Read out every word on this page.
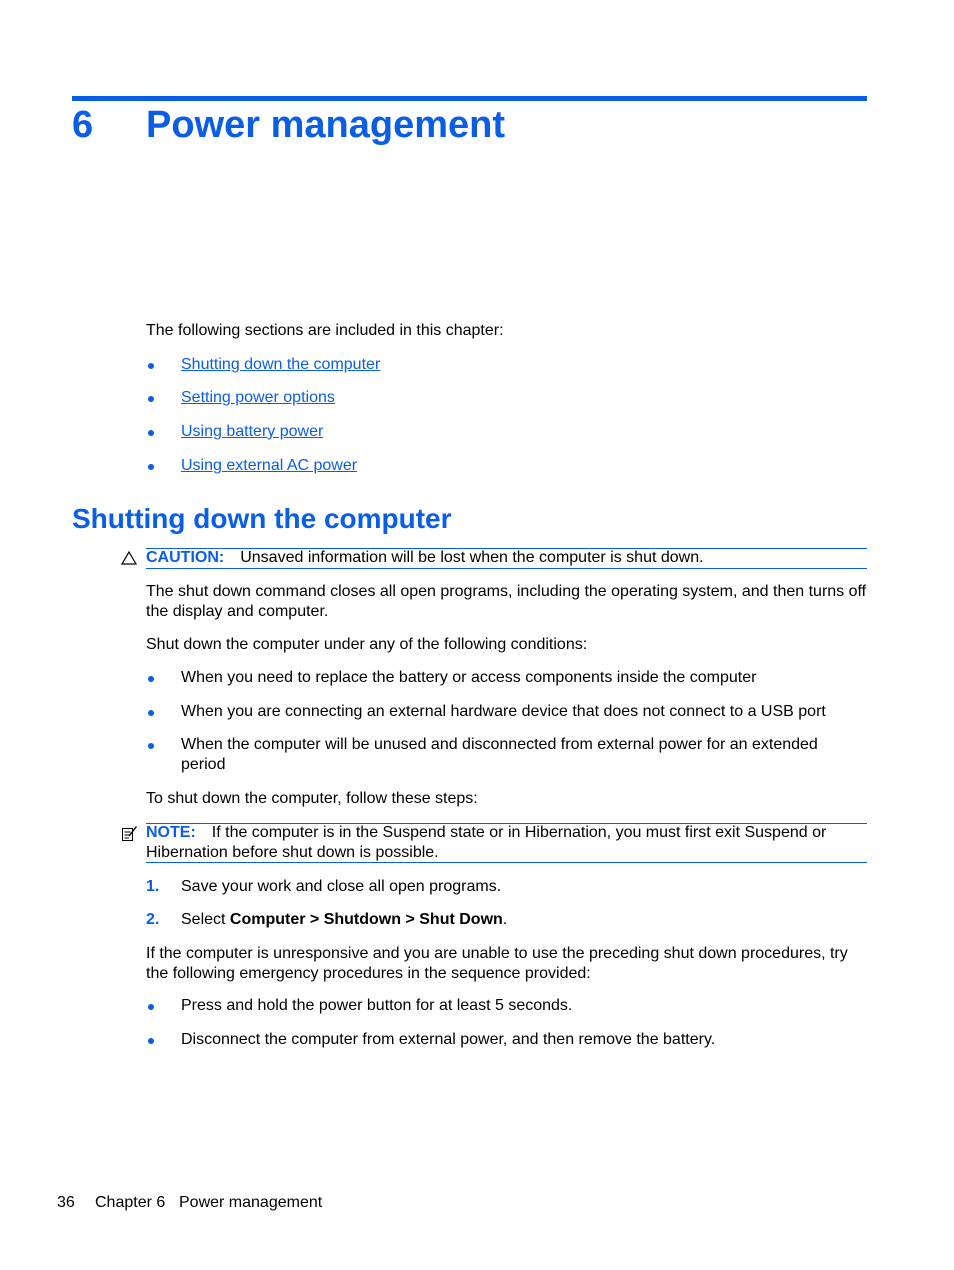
6 Power management
The following sections are included in this chapter:
Shutting down the computer
Setting power options
Using battery power
Using external AC power
Shutting down the computer
CAUTION: Unsaved information will be lost when the computer is shut down.
The shut down command closes all open programs, including the operating system, and then turns off the display and computer.
Shut down the computer under any of the following conditions:
When you need to replace the battery or access components inside the computer
When you are connecting an external hardware device that does not connect to a USB port
When the computer will be unused and disconnected from external power for an extended period
To shut down the computer, follow these steps:
NOTE: If the computer is in the Suspend state or in Hibernation, you must first exit Suspend or Hibernation before shut down is possible.
1. Save your work and close all open programs.
2. Select Computer > Shutdown > Shut Down.
If the computer is unresponsive and you are unable to use the preceding shut down procedures, try the following emergency procedures in the sequence provided:
Press and hold the power button for at least 5 seconds.
Disconnect the computer from external power, and then remove the battery.
36 Chapter 6 Power management
